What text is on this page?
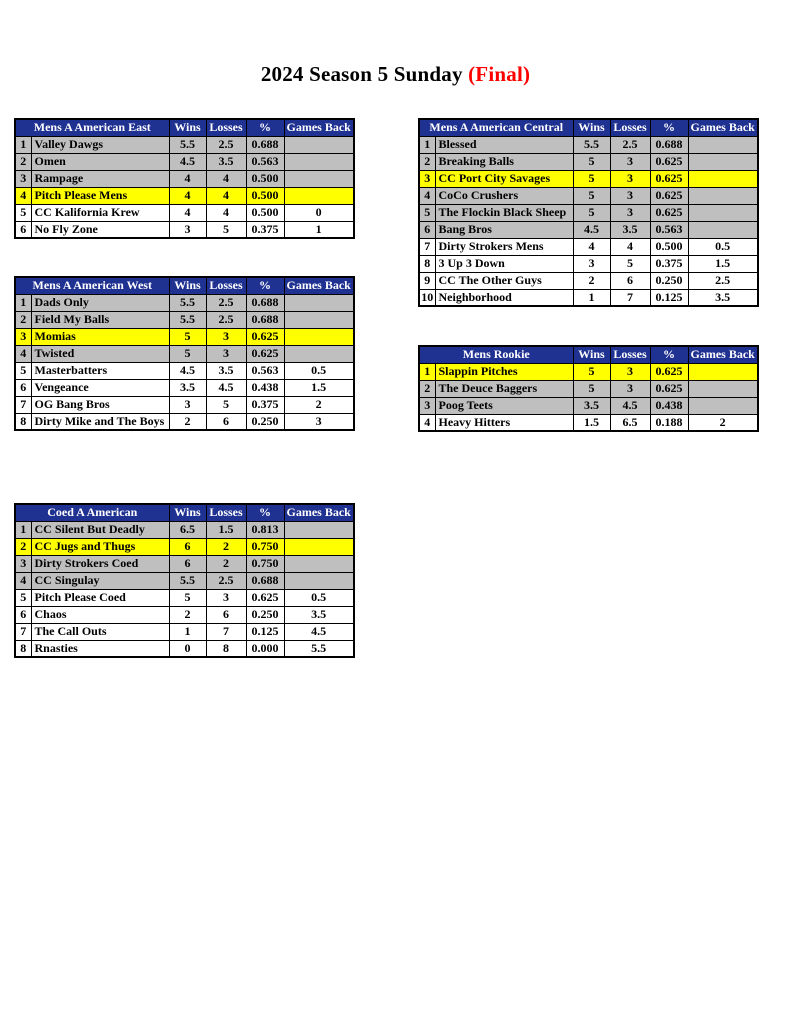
2024 Season 5 Sunday (Final)
Mens A American East		Wins	Losses	%	Games Back
1	Valley Dawgs	5.5	2.5	0.688	
2	Omen	4.5	3.5	0.563	
3	Rampage	4	4	0.500	
4	Pitch Please Mens	4	4	0.500	
5	CC Kalifornia Krew	4	4	0.500	0
6	No Fly Zone	3	5	0.375	1
Mens A American Central		Wins	Losses	%	Games Back
1	Blessed	5.5	2.5	0.688	
2	Breaking Balls	5	3	0.625	
3	CC Port City Savages	5	3	0.625	
4	CoCo Crushers	5	3	0.625	
5	The Flockin Black Sheep	5	3	0.625	
6	Bang Bros	4.5	3.5	0.563	
7	Dirty Strokers Mens	4	4	0.500	0.5
8	3 Up 3 Down	3	5	0.375	1.5
9	CC The Other Guys	2	6	0.250	2.5
10	Neighborhood	1	7	0.125	3.5
Mens A American West		Wins	Losses	%	Games Back
1	Dads Only	5.5	2.5	0.688	
2	Field My Balls	5.5	2.5	0.688	
3	Momias	5	3	0.625	
4	Twisted	5	3	0.625	
5	Masterbatters	4.5	3.5	0.563	0.5
6	Vengeance	3.5	4.5	0.438	1.5
7	OG Bang Bros	3	5	0.375	2
8	Dirty Mike and The Boys	2	6	0.250	3
Mens Rookie		Wins	Losses	%	Games Back
1	Slappin Pitches	5	3	0.625	
2	The Deuce Baggers	5	3	0.625	
3	Poog Teets	3.5	4.5	0.438	
4	Heavy Hitters	1.5	6.5	0.188	2
Coed A American		Wins	Losses	%	Games Back
1	CC Silent But Deadly	6.5	1.5	0.813	
2	CC Jugs and Thugs	6	2	0.750	
3	Dirty Strokers Coed	6	2	0.750	
4	CC Singulay	5.5	2.5	0.688	
5	Pitch Please Coed	5	3	0.625	0.5
6	Chaos	2	6	0.250	3.5
7	The Call Outs	1	7	0.125	4.5
8	Rnasties	0	8	0.000	5.5
